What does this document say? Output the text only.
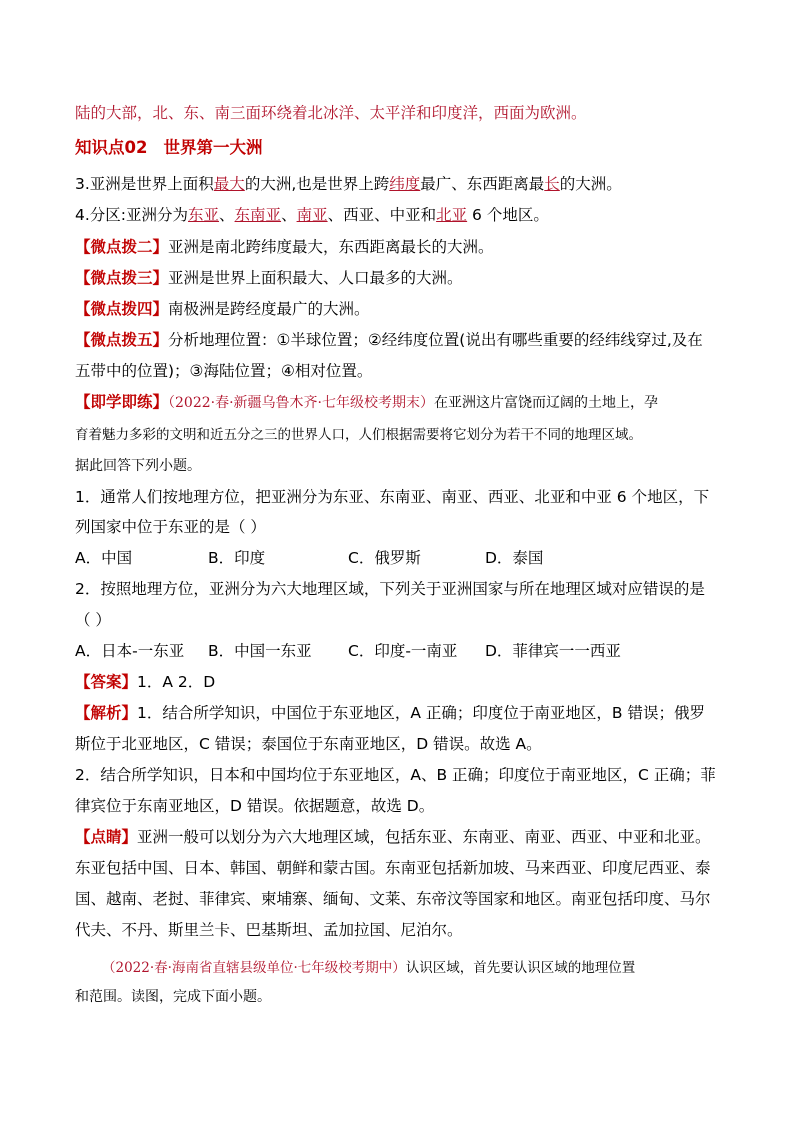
陆的大部，北、东、南三面环绕着北冰洋、太平洋和印度洋，西面为欧洲。
知识点02 世界第一大洲
3.亚洲是世界上面积最大的大洲,也是世界上跨纬度最广、东西距离最长的大洲。
4.分区:亚洲分为东亚、东南亚、南亚、西亚、中亚和北亚 6 个地区。
【微点拨二】亚洲是南北跨纬度最大，东西距离最长的大洲。
【微点拨三】亚洲是世界上面积最大、人口最多的大洲。
【微点拨四】南极洲是跨经度最广的大洲。
【微点拨五】分析地理位置：①半球位置；②经纬度位置(说出有哪些重要的经纬线穿过,及在
五带中的位置)；③海陆位置；④相对位置。
【即学即练】（2022·春·新疆乌鲁木齐·七年级校考期末）在亚洲这片富饶而辽阔的土地上，孕
育着魅力多彩的文明和近五分之三的世界人口，人们根据需要将它划分为若干不同的地理区域。
据此回答下列小题。
1．通常人们按地理方位，把亚洲分为东亚、东南亚、南亚、西亚、北亚和中亚 6 个地区，下
列国家中位于东亚的是（ ）
A．中国	B．印度	C．俄罗斯	D．泰国
2．按照地理方位，亚洲分为六大地理区域，下列关于亚洲国家与所在地理区域对应错误的是
（ ）
A．日本-一东亚 B．中国一东亚 C．印度-一南亚 D．菲律宾一一西亚
【答案】1．A 2．D
【解析】1．结合所学知识，中国位于东亚地区，A 正确；印度位于南亚地区，B 错误；俄罗
斯位于北亚地区，C 错误；泰国位于东南亚地区，D 错误。故选 A。
2．结合所学知识，日本和中国均位于东亚地区，A、B 正确；印度位于南亚地区，C 正确；菲
律宾位于东南亚地区，D 错误。依据题意，故选 D。
【点睛】亚洲一般可以划分为六大地理区域，包括东亚、东南亚、南亚、西亚、中亚和北亚。
东亚包括中国、日本、韩国、朝鲜和蒙古国。东南亚包括新加坡、马来西亚、印度尼西亚、泰
国、越南、老挝、菲律宾、柬埔寨、缅甸、文莱、东帝汶等国家和地区。南亚包括印度、马尔
代夫、不丹、斯里兰卡、巴基斯坦、孟加拉国、尼泊尔。
（2022·春·海南省直辖县级单位·七年级校考期中）认识区域，首先要认识区域的地理位置
和范围。读图，完成下面小题。
